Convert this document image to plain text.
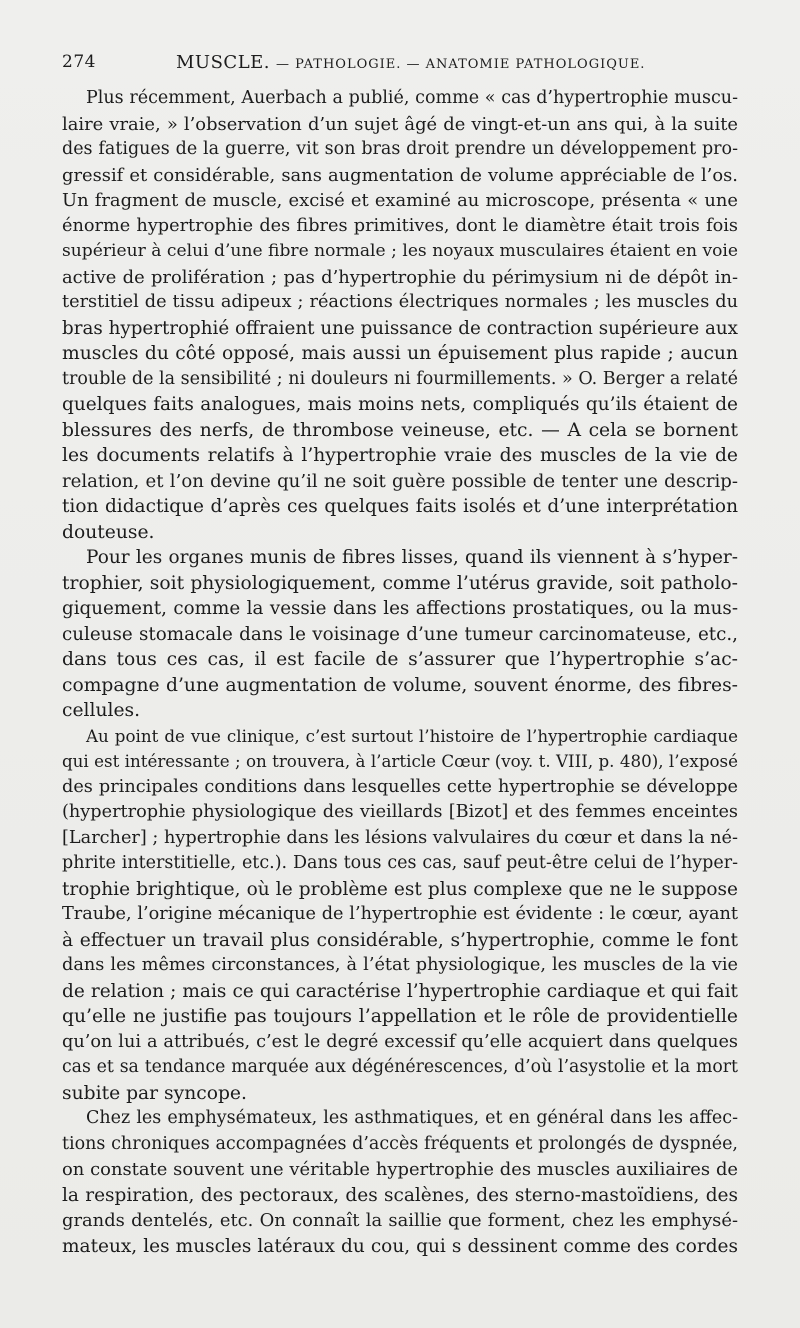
274	MUSCLE. — PATHOLOGIE. — ANATOMIE PATHOLOGIQUE.
Plus récemment, Auerbach a publié, comme « cas d’hypertrophie muscu-
laire vraie, » l’observation d’un sujet âgé de vingt-et-un ans qui, à la suite
des fatigues de la guerre, vit son bras droit prendre un développement pro-
gressif et considérable, sans augmentation de volume appréciable de l’os.
Un fragment de muscle, excisé et examiné au microscope, présenta « une
énorme hypertrophie des fibres primitives, dont le diamètre était trois fois
supérieur à celui d’une fibre normale ; les noyaux musculaires étaient en voie
active de prolifération ; pas d’hypertrophie du périmysium ni de dépôt in-
terstitiel de tissu adipeux ; réactions électriques normales ; les muscles du
bras hypertrophié offraient une puissance de contraction supérieure aux
muscles du côté opposé, mais aussi un épuisement plus rapide ; aucun
trouble de la sensibilité ; ni douleurs ni fourmillements. » O. Berger a relaté
quelques faits analogues, mais moins nets, compliqués qu’ils étaient de
blessures des nerfs, de thrombose veineuse, etc. — A cela se bornent
les documents relatifs à l’hypertrophie vraie des muscles de la vie de
relation, et l’on devine qu’il ne soit guère possible de tenter une descrip-
tion didactique d’après ces quelques faits isolés et d’une interprétation
douteuse.
Pour les organes munis de fibres lisses, quand ils viennent à s’hyper-
trophier, soit physiologiquement, comme l’utérus gravide, soit patholo-
giquement, comme la vessie dans les affections prostatiques, ou la mus-
culeuse stomacale dans le voisinage d’une tumeur carcinomateuse, etc.,
dans tous ces cas, il est facile de s’assurer que l’hypertrophie s’ac-
compagne d’une augmentation de volume, souvent énorme, des fibres-
cellules.
Au point de vue clinique, c’est surtout l’histoire de l’hypertrophie cardiaque
qui est intéressante ; on trouvera, à l’article Cœur (voy. t. VIII, p. 480), l’exposé
des principales conditions dans lesquelles cette hypertrophie se développe
(hypertrophie physiologique des vieillards [Bizot] et des femmes enceintes
[Larcher] ; hypertrophie dans les lésions valvulaires du cœur et dans la né-
phrite interstitielle, etc.). Dans tous ces cas, sauf peut-être celui de l’hyper-
trophie brightique, où le problème est plus complexe que ne le suppose
Traube, l’origine mécanique de l’hypertrophie est évidente : le cœur, ayant
à effectuer un travail plus considérable, s’hypertrophie, comme le font
dans les mêmes circonstances, à l’état physiologique, les muscles de la vie
de relation ; mais ce qui caractérise l’hypertrophie cardiaque et qui fait
qu’elle ne justifie pas toujours l’appellation et le rôle de providentielle
qu’on lui a attribués, c’est le degré excessif qu’elle acquiert dans quelques
cas et sa tendance marquée aux dégénérescences, d’où l’asystolie et la mort
subite par syncope.
Chez les emphysémateux, les asthmatiques, et en général dans les affec-
tions chroniques accompagnées d’accès fréquents et prolongés de dyspnée,
on constate souvent une véritable hypertrophie des muscles auxiliaires de
la respiration, des pectoraux, des scalènes, des sterno-mastoïdiens, des
grands dentelés, etc. On connaît la saillie que forment, chez les emphysé-
mateux, les muscles latéraux du cou, qui s dessinent comme des cordes
